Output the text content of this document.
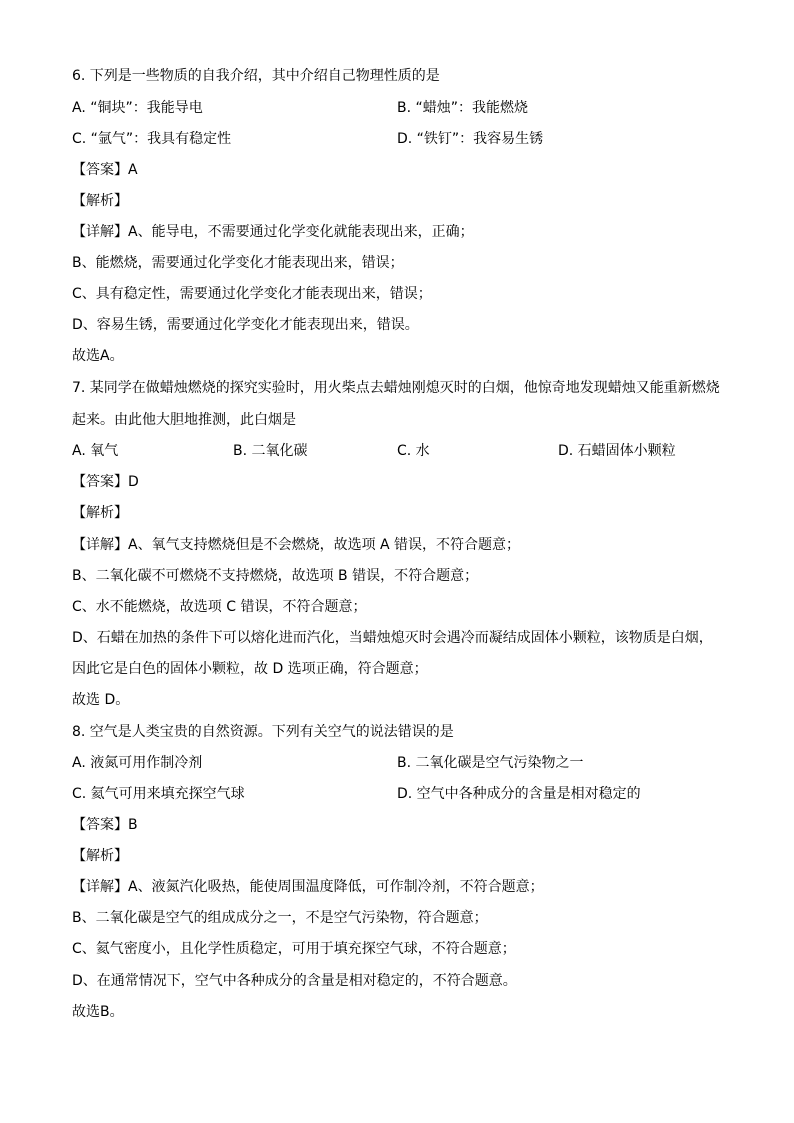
6. 下列是一些物质的自我介绍，其中介绍自己物理性质的是
A. “铜块”：我能导电	B. “蜡烛”：我能燃烧
C. “氩气”：我具有稳定性	D. “铁钉”：我容易生锈
【答案】A
【解析】
【详解】A、能导电，不需要通过化学变化就能表现出来，正确；
B、能燃烧，需要通过化学变化才能表现出来，错误；
C、具有稳定性，需要通过化学变化才能表现出来，错误；
D、容易生锈，需要通过化学变化才能表现出来，错误。
故选A。
7. 某同学在做蜡烛燃烧的探究实验时，用火柴点去蜡烛刚熄灭时的白烟，他惊奇地发现蜡烛又能重新燃烧
起来。由此他大胆地推测，此白烟是
A. 氧气	B. 二氧化碳	C. 水	D. 石蜡固体小颗粒
【答案】D
【解析】
【详解】A、氧气支持燃烧但是不会燃烧，故选项 A 错误，不符合题意；
B、二氧化碳不可燃烧不支持燃烧，故选项 B 错误，不符合题意；
C、水不能燃烧，故选项 C 错误，不符合题意；
D、石蜡在加热的条件下可以熔化进而汽化，当蜡烛熄灭时会遇冷而凝结成固体小颗粒，该物质是白烟，
因此它是白色的固体小颗粒，故 D 选项正确，符合题意；
故选 D。
8. 空气是人类宝贵的自然资源。下列有关空气的说法错误的是
A. 液氮可用作制冷剂	B. 二氧化碳是空气污染物之一
C. 氦气可用来填充探空气球	D. 空气中各种成分的含量是相对稳定的
【答案】B
【解析】
【详解】A、液氮汽化吸热，能使周围温度降低，可作制冷剂，不符合题意；
B、二氧化碳是空气的组成成分之一，不是空气污染物，符合题意；
C、氦气密度小，且化学性质稳定，可用于填充探空气球，不符合题意；
D、在通常情况下，空气中各种成分的含量是相对稳定的，不符合题意。
故选B。
